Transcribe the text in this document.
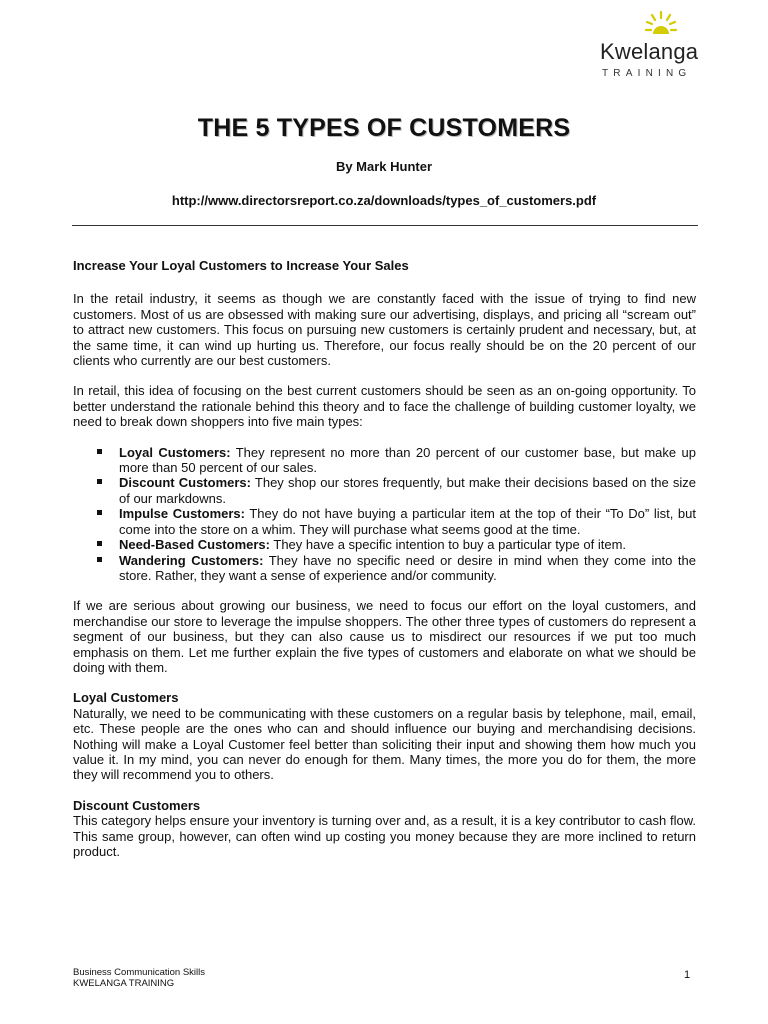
Kwelanga
TRAINING
THE 5 TYPES OF CUSTOMERS
By Mark Hunter
http://www.directorsreport.co.za/downloads/types_of_customers.pdf

Increase Your Loyal Customers to Increase Your Sales

In the retail industry, it seems as though we are constantly faced with the issue of trying to find new customers. Most of us are obsessed with making sure our advertising, displays, and pricing all “scream out” to attract new customers. This focus on pursuing new customers is certainly prudent and necessary, but, at the same time, it can wind up hurting us. Therefore, our focus really should be on the 20 percent of our clients who currently are our best customers.

In retail, this idea of focusing on the best current customers should be seen as an on-going opportunity. To better understand the rationale behind this theory and to face the challenge of building customer loyalty, we need to break down shoppers into five main types:

Loyal Customers: They represent no more than 20 percent of our customer base, but make up more than 50 percent of our sales.
Discount Customers: They shop our stores frequently, but make their decisions based on the size of our markdowns.
Impulse Customers: They do not have buying a particular item at the top of their “To Do” list, but come into the store on a whim. They will purchase what seems good at the time.
Need-Based Customers: They have a specific intention to buy a particular type of item.
Wandering Customers: They have no specific need or desire in mind when they come into the store. Rather, they want a sense of experience and/or community.

If we are serious about growing our business, we need to focus our effort on the loyal customers, and merchandise our store to leverage the impulse shoppers. The other three types of customers do represent a segment of our business, but they can also cause us to misdirect our resources if we put too much emphasis on them. Let me further explain the five types of customers and elaborate on what we should be doing with them.

Loyal Customers

Naturally, we need to be communicating with these customers on a regular basis by telephone, mail, email, etc. These people are the ones who can and should influence our buying and merchandising decisions. Nothing will make a Loyal Customer feel better than soliciting their input and showing them how much you value it. In my mind, you can never do enough for them. Many times, the more you do for them, the more they will recommend you to others.

Discount Customers

This category helps ensure your inventory is turning over and, as a result, it is a key contributor to cash flow. This same group, however, can often wind up costing you money because they are more inclined to return product.

Business Communication Skills
KWELANGA TRAINING
1
